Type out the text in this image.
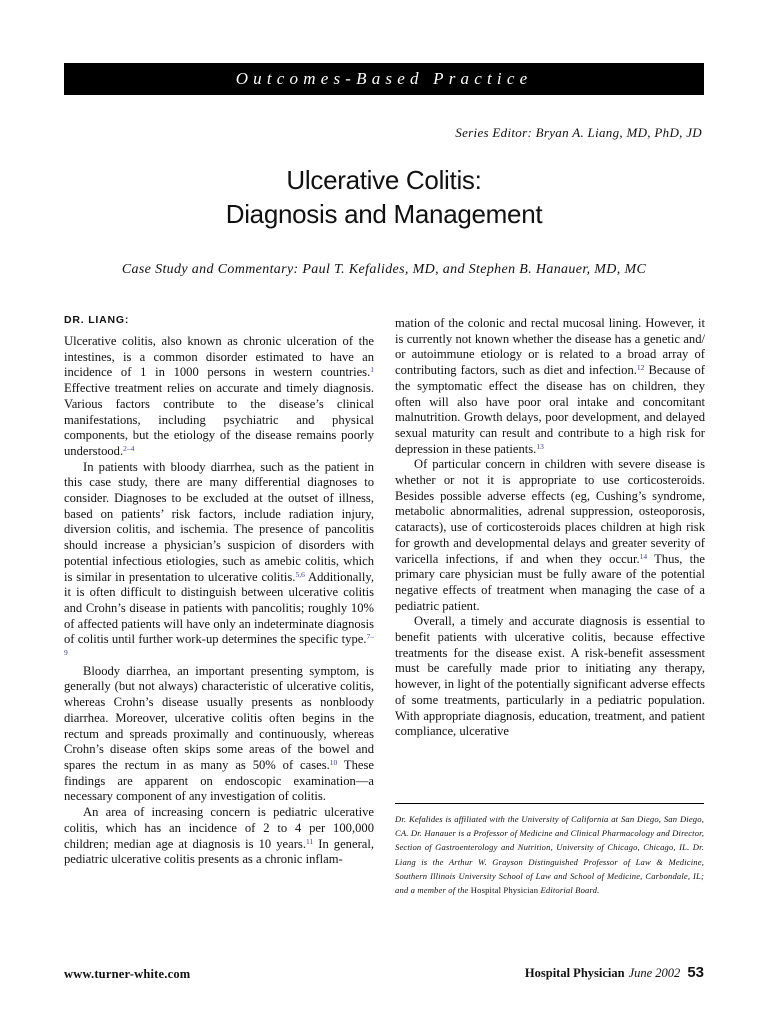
Outcomes-Based Practice
Series Editor: Bryan A. Liang, MD, PhD, JD
Ulcerative Colitis:
Diagnosis and Management
Case Study and Commentary: Paul T. Kefalides, MD, and Stephen B. Hanauer, MD, MC
DR. LIANG:

Ulcerative colitis, also known as chronic ulceration of the intestines, is a common disorder estimated to have an incidence of 1 in 1000 persons in western countries.$^1$ Effective treatment relies on accurate and timely diagnosis. Various factors contribute to the disease’s clinical manifestations, including psychiatric and physical components, but the etiology of the disease remains poorly understood.$^{2-4}$

In patients with bloody diarrhea, such as the patient in this case study, there are many differential diagnoses to consider. Diagnoses to be excluded at the outset of illness, based on patients’ risk factors, include radiation injury, diversion colitis, and ischemia. The presence of pancolitis should increase a physician’s suspicion of disorders with potential infectious etiologies, such as amebic colitis, which is similar in presentation to ulcerative colitis.$^{5,6}$ Additionally, it is often difficult to distinguish between ulcerative colitis and Crohn’s disease in patients with pancolitis; roughly 10% of affected patients will have only an indeterminate diagnosis of colitis until further work-up determines the specific type.$^{7-9}$

Bloody diarrhea, an important presenting symptom, is generally (but not always) characteristic of ulcerative colitis, whereas Crohn’s disease usually presents as nonbloody diarrhea. Moreover, ulcerative colitis often begins in the rectum and spreads proximally and continuously, whereas Crohn’s disease often skips some areas of the bowel and spares the rectum in as many as 50% of cases.$^{10}$ These findings are apparent on endoscopic examination—a necessary component of any investigation of colitis.

An area of increasing concern is pediatric ulcerative colitis, which has an incidence of 2 to 4 per 100,000 children; median age at diagnosis is 10 years.$^{11}$ In general, pediatric ulcerative colitis presents as a chronic inflam-

mation of the colonic and rectal mucosal lining. However, it is currently not known whether the disease has a genetic and/ or autoimmune etiology or is related to a broad array of contributing factors, such as diet and infection.$^{12}$ Because of the symptomatic effect the disease has on children, they often will also have poor oral intake and concomitant malnutrition. Growth delays, poor development, and delayed sexual maturity can result and contribute to a high risk for depression in these patients.$^{13}$

Of particular concern in children with severe disease is whether or not it is appropriate to use corticosteroids. Besides possible adverse effects (eg, Cushing’s syndrome, metabolic abnormalities, adrenal suppression, osteoporosis, cataracts), use of corticosteroids places children at high risk for growth and developmental delays and greater severity of varicella infections, if and when they occur.$^{14}$ Thus, the primary care physician must be fully aware of the potential negative effects of treatment when managing the case of a pediatric patient.

Overall, a timely and accurate diagnosis is essential to benefit patients with ulcerative colitis, because effective treatments for the disease exist. A risk-benefit assessment must be carefully made prior to initiating any therapy, however, in light of the potentially significant adverse effects of some treatments, particularly in a pediatric population. With appropriate diagnosis, education, treatment, and patient compliance, ulcerative

Dr. Kefalides is affiliated with the University of California at San Diego, San Diego, CA. Dr. Hanauer is a Professor of Medicine and Clinical Pharmacology and Director, Section of Gastroenterology and Nutrition, University of Chicago, Chicago, IL. Dr. Liang is the Arthur W. Grayson Distinguished Professor of Law & Medicine, Southern Illinois University School of Law and School of Medicine, Carbondale, IL; and a member of the Hospital Physician Editorial Board.
www.turner-white.com	Hospital Physician June 2002 53
